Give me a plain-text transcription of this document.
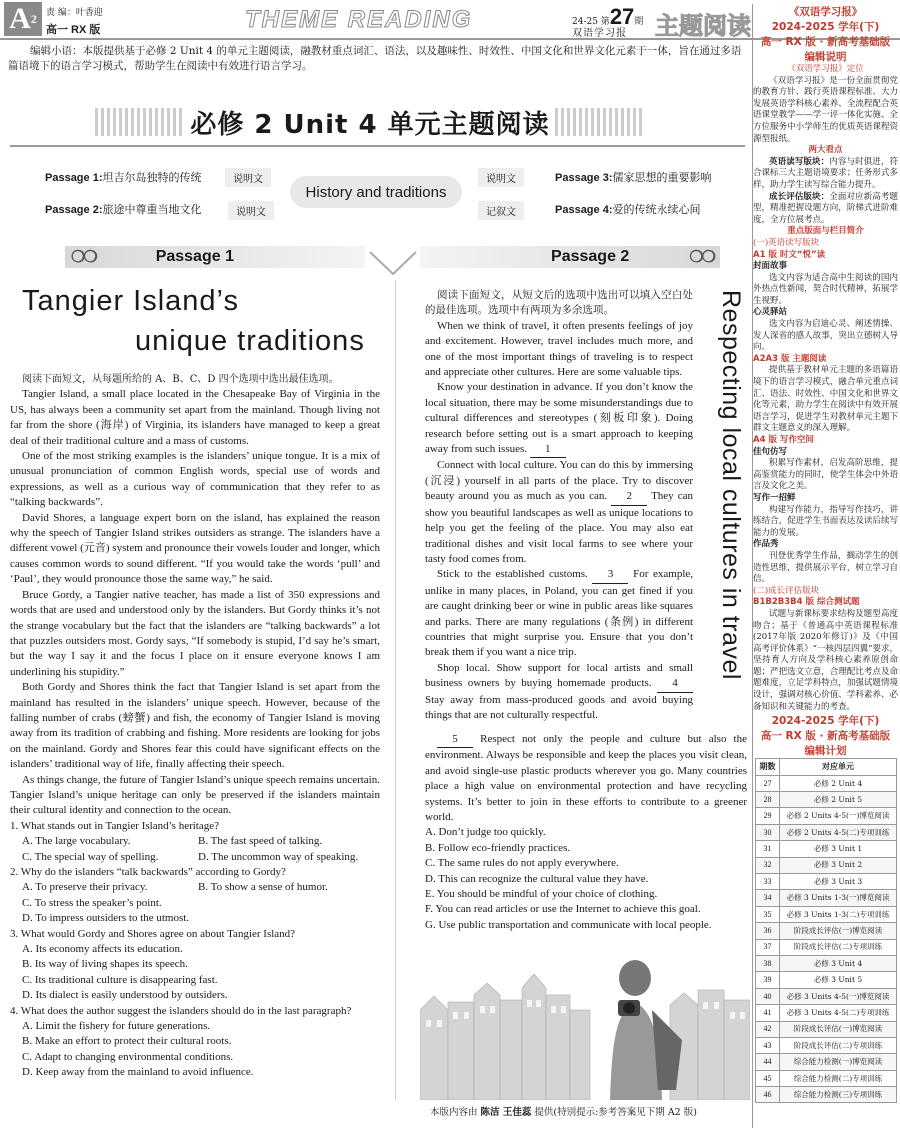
A 2 责 编：叶香迎
高一 RX 版	THEME READING	24-25 第27期
双语学习报 主题阅读
编辑小语：本版提供基于必修 2 Unit 4 的单元主题阅读，融教材重点词汇、语法，以及趣味性、时效性、中国文化和世界文化元素于一体，旨在通过多语篇语境下的语言学习模式，帮助学生在阅读中有效进行语言学习。
必修 2 Unit 4 单元主题阅读
Passage 1:坦吉尔岛独特的传统	说明文
Passage 2:旅途中尊重当地文化	说明文
History and traditions
说明文	Passage 3:儒家思想的重要影响
记叙文	Passage 4:爱的传统永续心间
❍❍	Passage 1	Passage 2	❍❍
Tangier Island’s
unique traditions

阅读下面短文，从每题所给的 A、B、C、D 四个选项中选出最佳选项。

Tangier Island, a small place located in the Chesapeake Bay of Virginia in the US, has always been a community set apart from the mainland. Though living not far from the shore (海岸) of Virginia, its islanders have managed to keep a great deal of their traditional culture and a mass of customs.

One of the most striking examples is the islanders’ unique tongue. It is a mix of unusual pronunciation of common English words, special use of words and expressions, as well as a curious way of communication that they refer to as “talking backwards”.

David Shores, a language expert born on the island, has explained the reason why the speech of Tangier Island strikes outsiders as strange. The islanders have a different vowel (元音) system and pronounce their vowels louder and longer, which causes common words to sound different. “If you would take the words ‘pull’ and ‘Paul’, they would pronounce those the same way,” he said.

Bruce Gordy, a Tangier native teacher, has made a list of 350 expressions and words that are used and understood only by the islanders. But Gordy thinks it’s not the strange vocabulary but the fact that the islanders are “talking backwards” a lot that puzzles outsiders most. Gordy says, “If somebody is stupid, I’d say he’s smart, but the way I say it and the focus I place on it ensure everyone knows I am underlining his stupidity.”

Both Gordy and Shores think the fact that Tangier Island is set apart from the mainland has resulted in the islanders’ unique speech. However, because of the falling number of crabs (螃蟹) and fish, the economy of Tangier Island is moving away from its tradition of crabbing and fishing. More residents are looking for jobs on the mainland. Gordy and Shores fear this could have significant effects on the islanders’ traditional way of life, finally affecting their speech.

As things change, the future of Tangier Island’s unique speech remains uncertain. Tangier Island’s unique heritage can only be preserved if the islanders maintain their cultural identity and connection to the ocean.

1. What stands out in Tangier Island’s heritage?

A. The large vocabulary.	B. The fast speed of talking.
C. The special way of spelling.	D. The uncommon way of speaking.

2. Why do the islanders “talk backwards” according to Gordy?

A. To preserve their privacy.	B. To show a sense of humor.

C. To stress the speaker’s point.

D. To impress outsiders to the utmost.

3. What would Gordy and Shores agree on about Tangier Island?

A. Its economy affects its education.

B. Its way of living shapes its speech.

C. Its traditional culture is disappearing fast.

D. Its dialect is easily understood by outsiders.

4. What does the author suggest the islanders should do in the last paragraph?

A. Limit the fishery for future generations.

B. Make an effort to protect their cultural roots.

C. Adapt to changing environmental conditions.

D. Keep away from the mainland to avoid influence.

阅读下面短文，从短文后的选项中选出可以填入空白处的最佳选项。选项中有两项为多余选项。

When we think of travel, it often presents feelings of joy and excitement. However, travel includes much more, and one of the most important things of traveling is to respect and appreciate other cultures. Here are some valuable tips.

Know your destination in advance. If you don’t know the local situation, there may be some misunderstandings due to cultural differences and stereotypes (刻板印象). Doing research before setting out is a smart approach to keeping away from such issues. 1

Connect with local culture. You can do this by immersing (沉浸) yourself in all parts of the place. Try to discover beauty around you as much as you can. 2 They can show you beautiful landscapes as well as unique locations to help you get the feeling of the place. You may also eat traditional dishes and visit local farms to see where your tasty food comes from.

Stick to the established customs. 3 For example, unlike in many places, in Poland, you can get fined if you are caught drinking beer or wine in public areas like squares and parks. There are many regulations (条例) in different countries that might surprise you. Ensure that you don’t break them if you want a nice trip.

Shop local. Show support for local artists and small business owners by buying homemade products. 4 Stay away from mass-produced goods and avoid buying things that are not culturally respectful.

Respecting local cultures in travel

5 Respect not only the people and culture but also the environment. Always be responsible and keep the places you visit clean, and avoid single-use plastic products wherever you go. Many countries place a high value on environmental protection and have recycling systems. It’s better to join in these efforts to contribute to a greener world.

A. Don’t judge too quickly.

B. Follow eco-friendly practices.

C. The same rules do not apply everywhere.

D. This can recognize the cultural value they have.

E. You should be mindful of your choice of clothing.

F. You can read articles or use the Internet to achieve this goal.

G. Use public transportation and communicate with local people.

本版内容由 陈洁 王佳蕊 提供(特别提示:参考答案见下期 A2 版)
《双语学习报》
2024-2025 学年(下)
高一 RX 版 · 新高考基础版
编辑说明
《双语学习报》定位

《双语学习报》是一份全面贯彻党的教育方针、践行英语课程标准、大力发展英语学科核心素养、全流程配合英语课堂教学——学一评一体化实施、全方位服务中小学师生的优质英语课程资源型报纸。

两大看点

英语读写版块：内容与时俱进，符合课标三大主题语境要求；任务形式多样，助力学生读写综合能力提升。

成长评估版块：全面对应新高考题型，精准把握设题方向，阶梯式进阶难度，全方位展考点。

重点版面与栏目简介
(一)英语读写版块
A1 版 时文“悦”读
封面故事

选文内容为适合高中生阅读的国内外热点性新闻，契合时代精神，拓展学生视野。

心灵驿站

选文内容为启迪心灵、阐述情操、发人深省的感人故事，突出立德树人导向。

A2A3 版 主题阅读

提供基于教材单元主题的多语篇语境下的语言学习模式，融合单元重点词汇、语法、时效性、中国文化和世界文化等元素，助力学生在阅读中有效开展语言学习，促进学生对教材单元主题下群文主题意义的深入理解。

A4 版 写作空间
佳句仿写

积累写作素材，启发高阶思维，提高鉴赏能力的同时，使学生体会中外语言及文化之美。

写作一招鲜

构建写作能力，指导写作技巧，讲练结合，促进学生书面表达及读后续写能力的发展。

作品秀

刊登优秀学生作品，搁动学生的创造性思维，提供展示平台，树立学习自信。

(二)成长评估版块
B1B2B3B4 版 综合测试题

试题与新课标要求结构及题型高度吻合；基于《普通高中英语课程标准(2017年版 2020年修订)》及《中国高考评价体系》“一核四层四翼”要求，坚持育人方向及学科核心素养原创命题；严把选文立意，合理配比考点及命题难度，立足学科特点，加强试题情境设计，强调对核心价值、学科素养、必备知识和关键能力的考查。

2024-2025 学年(下)
高一 RX 版 · 新高考基础版
编辑计划
期数	对应单元
27	必修 2 Unit 4
28	必修 2 Unit 5
29	必修 2 Units 4-5(一)博览阅读
30	必修 2 Units 4-5(二)专项训练
31	必修 3 Unit 1
32	必修 3 Unit 2
33	必修 3 Unit 3
34	必修 3 Units 1-3(一)博览阅读
35	必修 3 Units 1-3(二)专项训练
36	阶段成长评估(一)博览阅读
37	阶段成长评估(二)专项训练
38	必修 3 Unit 4
39	必修 3 Unit 5
40	必修 3 Units 4-5(一)博览阅读
41	必修 3 Units 4-5(二)专项训练
42	阶段成长评估(一)博览阅读
43	阶段成长评估(二)专项训练
44	综合能力检测(一)博览阅读
45	综合能力检测(二)专项训练
46	综合能力检测(三)专项训练
